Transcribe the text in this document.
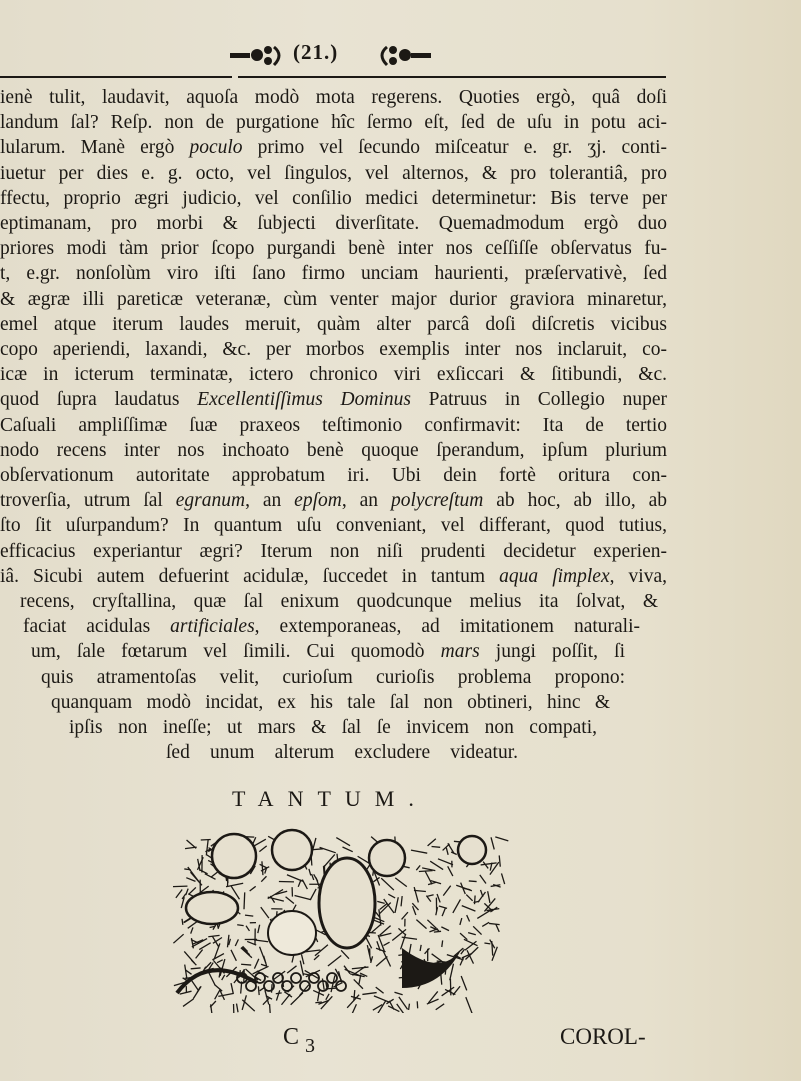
(21.)
ienè tulit, laudavit, aquoſa modò mota regerens. Quoties ergò, quâ doſi
landum ſal? Reſp. non de purgatione hîc ſermo eſt, ſed de uſu in potu aci-
lularum. Manè ergò poculo primo vel ſecundo miſceatur e. gr. ʒj. conti-
iuetur per dies e. g. octo, vel ſingulos, vel alternos, & pro tolerantiâ, pro
ffectu, proprio ægri judicio, vel conſilio medici determinetur: Bis terve per
eptimanam, pro morbi & ſubjecti diverſitate. Quemadmodum ergò duo
priores modi tàm prior ſcopo purgandi benè inter nos ceſſiſſe obſervatus fu-
t, e.gr. nonſolùm viro iſti ſano firmo unciam haurienti, præſervativè, ſed
& ægræ illi pareticæ veteranæ, cùm venter major durior graviora minaretur,
emel atque iterum laudes meruit, quàm alter parcâ doſi diſcretis vicibus
copo aperiendi, laxandi, &c. per morbos exemplis inter nos inclaruit, co-
icæ in icterum terminatæ, ictero chronico viri exſiccari & ſitibundi, &c.
quod ſupra laudatus Excellentiſſimus Dominus Patruus in Collegio nuper
Caſuali ampliſſimæ ſuæ praxeos teſtimonio confirmavit: Ita de tertio
nodo recens inter nos inchoato benè quoque ſperandum, ipſum plurium
obſervationum autoritate approbatum iri. Ubi dein fortè oritura con-
troverſia, utrum ſal egranum, an epſom, an polycreſtum ab hoc, ab illo, ab
ſto ſit uſurpandum? In quantum uſu conveniant, vel differant, quod tutius,
efficacius experiantur ægri? Iterum non niſi prudenti decidetur experien-
iâ. Sicubi autem defuerint acidulæ, ſuccedet in tantum aqua ſimplex, viva,
recens, cryſtallina, quæ ſal enixum quodcunque melius ita ſolvat, &
faciat acidulas artificiales, extemporaneas, ad imitationem naturali-
um, ſale fœtarum vel ſimili. Cui quomodò mars jungi poſſit, ſi
quis atramentoſas velit, curioſum curioſis problema propono:
quanquam modò incidat, ex his tale ſal non obtineri, hinc &
ipſis non ineſſe; ut mars & ſal ſe invicem non compati,
ſed unum alterum excludere videatur.
TANTUM.
C $_3$	COROL-
